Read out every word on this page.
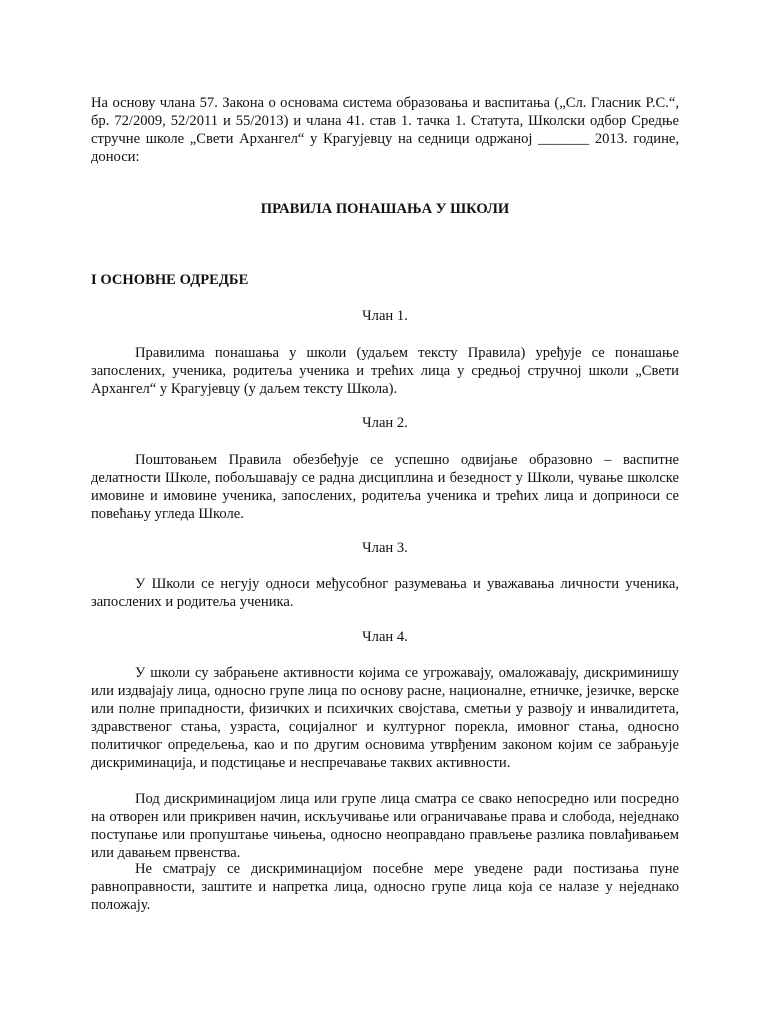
На основу члана 57. Закона о основама система образовања и васпитања („Сл. Гласник Р.С.“, бр. 72/2009, 52/2011 и 55/2013) и члана 41. став 1. тачка 1. Статута, Школски одбор Средње стручне школе „Свети Архангел“ у Крагујевцу на седници одржаној _______ 2013. године, доноси:

ПРАВИЛА ПОНАШАЊА У ШКОЛИ

I ОСНОВНЕ ОДРЕДБЕ

Члан 1.

Правилима понашања у школи (удаљем тексту Правила) уређује се понашање запослених, ученика, родитеља ученика и трећих лица у средњој стручној школи „Свети Архангел“ у Крагујевцу (у даљем тексту Школа).

Члан 2.

Поштовањем Правила обезбеђује се успешно одвијање образовно – васпитне делатности Школе, побољшавају се радна дисциплина и безедност у Школи, чување школске имовине и имовине ученика, запослених, родитеља ученика и трећих лица и доприноси се повећању угледа Школе.

Члан 3.

У Школи се негују односи међусобног разумевања и уважавања личности ученика, запослених и родитеља ученика.

Члан 4.

У школи су забрањене активности којима се угрожавају, омаложавају, дискриминишу или издвајају лица, односно групе лица по основу расне, националне, етничке, језичке, верске или полне припадности, физичких и психичких својстава, сметњи у развоју и инвалидитета, здравственог стања, узраста, социјалног и културног порекла, имовног стања, односно политичког опредељења, као и по другим основима утврђеним законом којим се забрањује дискриминација, и подстицање и неспречавање таквих активности.

Под дискриминацијом лица или групе лица сматра се свако непосредно или посредно на отворен или прикривен начин, искључивање или ограничавање права и слобода, неједнако поступање или пропуштање чињења, односно неоправдано прављење разлика повлађивањем или давањем првенства.

Не сматрају се дискриминацијом посебне мере уведене ради постизања пуне равноправности, заштите и напретка лица, односно групе лица која се налазе у неједнако положају.
